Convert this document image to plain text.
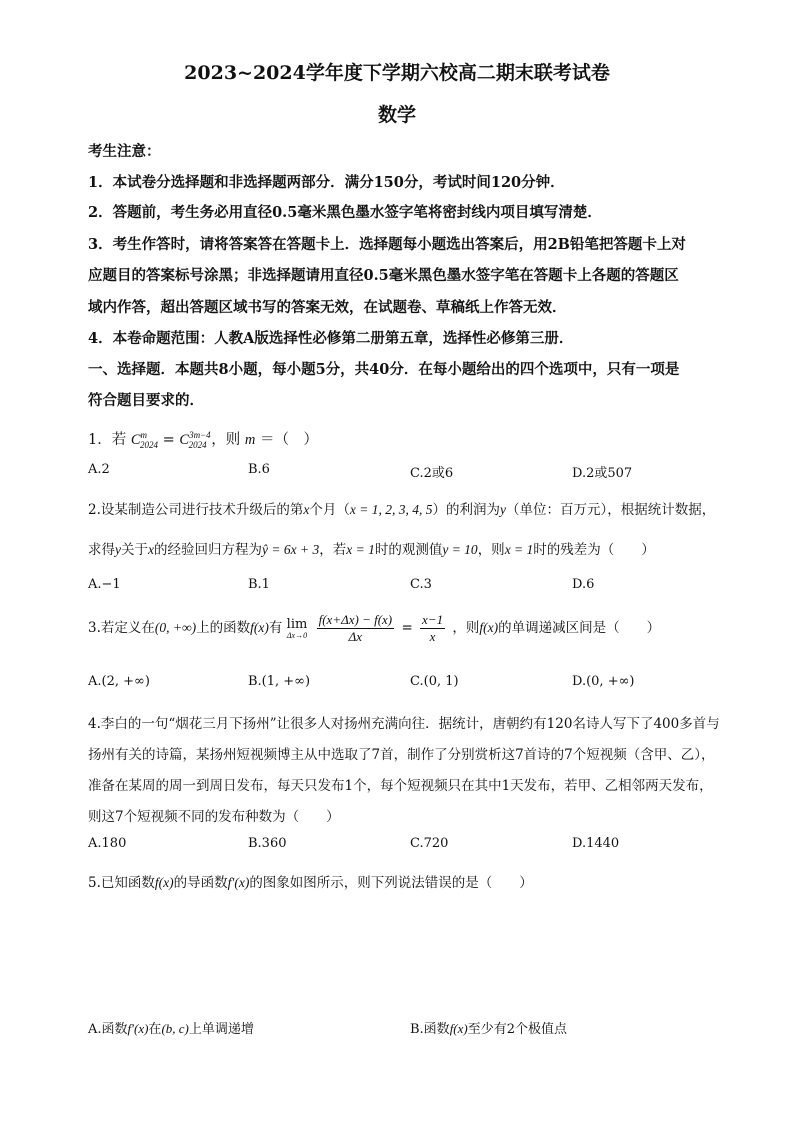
2023~2024学年度下学期六校高二期末联考试卷
数学
考生注意：
1．本试卷分选择题和非选择题两部分．满分150分，考试时间120分钟．
2．答题前，考生务必用直径0.5毫米黑色墨水签字笔将密封线内项目填写清楚．
3．考生作答时，请将答案答在答题卡上．选择题每小题选出答案后，用2B铅笔把答题卡上对
应题目的答案标号涂黑；非选择题请用直径0.5毫米黑色墨水签字笔在答题卡上各题的答题区
域内作答，超出答题区域书写的答案无效，在试题卷、草稿纸上作答无效．
4．本卷命题范围：人教A版选择性必修第二册第五章，选择性必修第三册．
一、选择题．本题共8小题，每小题5分，共40分．在每小题给出的四个选项中，只有一项是
符合题目要求的．
1．若 $C^m_{2024} = C^{3m-4}_{2024}$ ，则 m ＝（　）
A.2	B.6	C.2或6	D.2或507
2.设某制造公司进行技术升级后的第x个月（x = 1, 2, 3, 4, 5）的利润为y（单位：百万元），根据统计数据，
求得y关于x的经验回归方程为ŷ = 6x + 3，若x = 1时的观测值y = 10，则x = 1时的残差为（　　）
A.−1	B.1	C.3	D.6
3.若定义在(0, +∞)上的函数f(x)有 lim
Δx→0
$\frac{f(x+\Delta x) - f(x)}{\Delta x} = \frac{x-1}{x}$ ，则f(x)的单调递减区间是（　　）
A.(2, +∞)	B.(1, +∞)	C.(0, 1)	D.(0, +∞)
4.李白的一句“烟花三月下扬州”让很多人对扬州充满向往．据统计，唐朝约有120名诗人写下了400多首与
扬州有关的诗篇，某扬州短视频博主从中选取了7首，制作了分别赏析这7首诗的7个短视频（含甲、乙），
准备在某周的周一到周日发布，每天只发布1个，每个短视频只在其中1天发布，若甲、乙相邻两天发布，
则这7个短视频不同的发布种数为（　　）
A.180	B.360	C.720	D.1440
5.已知函数f(x)的导函数f′(x)的图象如图所示，则下列说法错误的是（　　）
A.函数f′(x)在(b, c)上单调递增	B.函数f(x)至少有2个极值点
